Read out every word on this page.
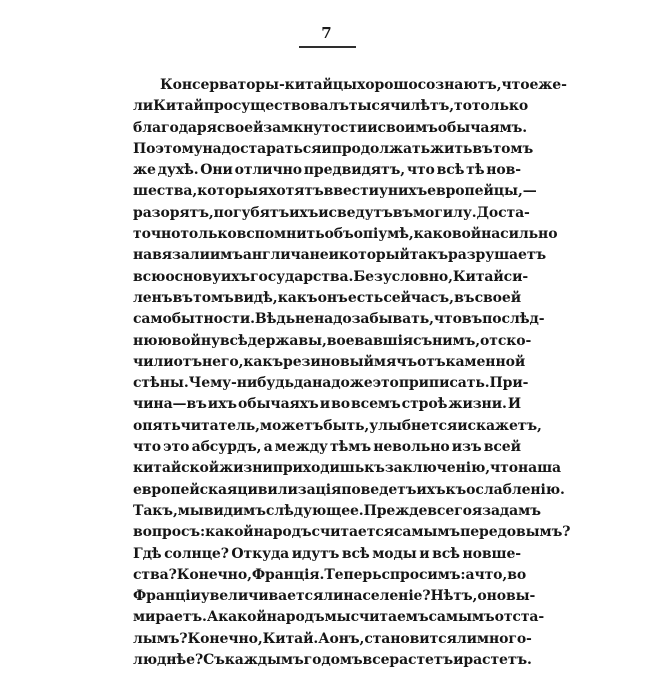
7
Консерваторы-китайцы хорошо сознаютъ, что еже-
ли Китай просуществовалъ тысячи лѣтъ, то только
благодаря своей замкнутости и своимъ обычаямъ.
Поэтому надо стараться и продолжать жить въ томъ
же духѣ. Они отлично предвидятъ, что всѣ тѣ нов-
шества, которыя хотятъ ввести у нихъ европейцы,—
разорятъ, погубятъ ихъ и сведутъ въ могилу. Доста-
точно только вспомнить объ опіумѣ, каковой насильно
навязали имъ англичане и который такъ разрушаетъ
всю основу ихъ государства. Безусловно, Китай си-
ленъ въ томъ видѣ, какъ онъ есть сейчасъ, въ своей
самобытности. Вѣдь не надо забывать, что въ послѣд-
нюю войну всѣ державы, воевавшія съ нимъ, отско-
чили отъ него, какъ резиновый мячъ отъ каменной
стѣны. Чему-нибудь да надо же это приписать. При-
чина—въ ихъ обычаяхъ и во всемъ строѣ жизни. И
опять читатель, можетъ быть, улыбнется и скажетъ,
что это абсурдъ, а между тѣмъ невольно изъ всей
китайской жизни приходишь къ заключенію, что наша
европейская цивилизація поведетъ ихъ къ ослабленію.
Такъ, мы видимъ слѣдующее. Прежде всего я задамъ
вопросъ: какой народъ считается самымъ передовымъ?
Гдѣ солнце? Откуда идутъ всѣ моды и всѣ новше-
ства? Конечно, Франція. Теперь спросимъ: а что, во
Франціи увеличивается ли населеніе? Нѣтъ, оно вы-
мираетъ. А какой народъ мы считаемъ самымъ отста-
лымъ? Конечно, Китай. А онъ, становится ли много-
люднѣе? Съ каждымъ годомъ все растетъ и растетъ.
